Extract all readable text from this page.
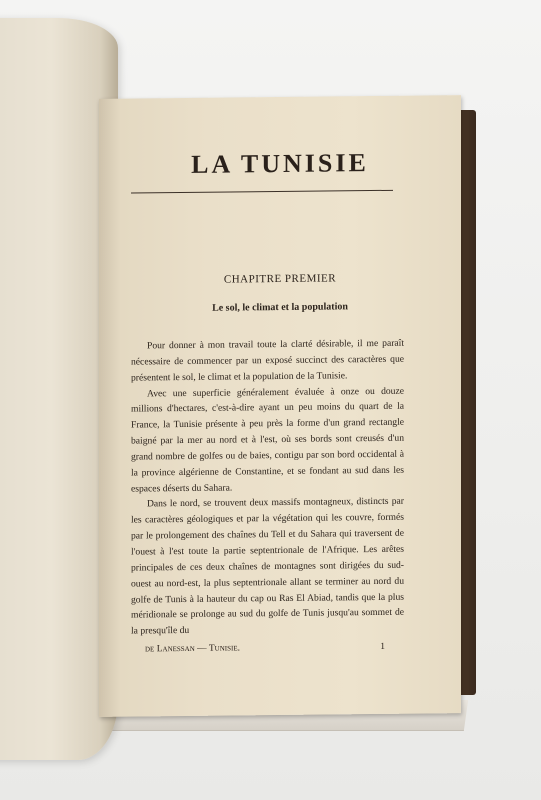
LA TUNISIE
CHAPITRE PREMIER
Le sol, le climat et la population

Pour donner à mon travail toute la clarté désirable, il me paraît nécessaire de commencer par un exposé succinct des caractères que présentent le sol, le climat et la population de la Tunisie.

Avec une superficie généralement évaluée à onze ou douze millions d'hectares, c'est-à-dire ayant un peu moins du quart de la France, la Tunisie présente à peu près la forme d'un grand rectangle baigné par la mer au nord et à l'est, où ses bords sont creusés d'un grand nombre de golfes ou de baies, contigu par son bord occidental à la province algérienne de Constantine, et se fondant au sud dans les espaces déserts du Sahara.

Dans le nord, se trouvent deux massifs montagneux, distincts par les caractères géologiques et par la végétation qui les couvre, formés par le prolongement des chaînes du Tell et du Sahara qui traversent de l'ouest à l'est toute la partie septentrionale de l'Afrique. Les arêtes principales de ces deux chaînes de montagnes sont dirigées du sud-ouest au nord-est, la plus septentrionale allant se terminer au nord du golfe de Tunis à la hauteur du cap ou Ras El Abiad, tandis que la plus méridionale se prolonge au sud du golfe de Tunis jusqu'au sommet de la presqu'île du

de Lanessan — Tunisie.	1
